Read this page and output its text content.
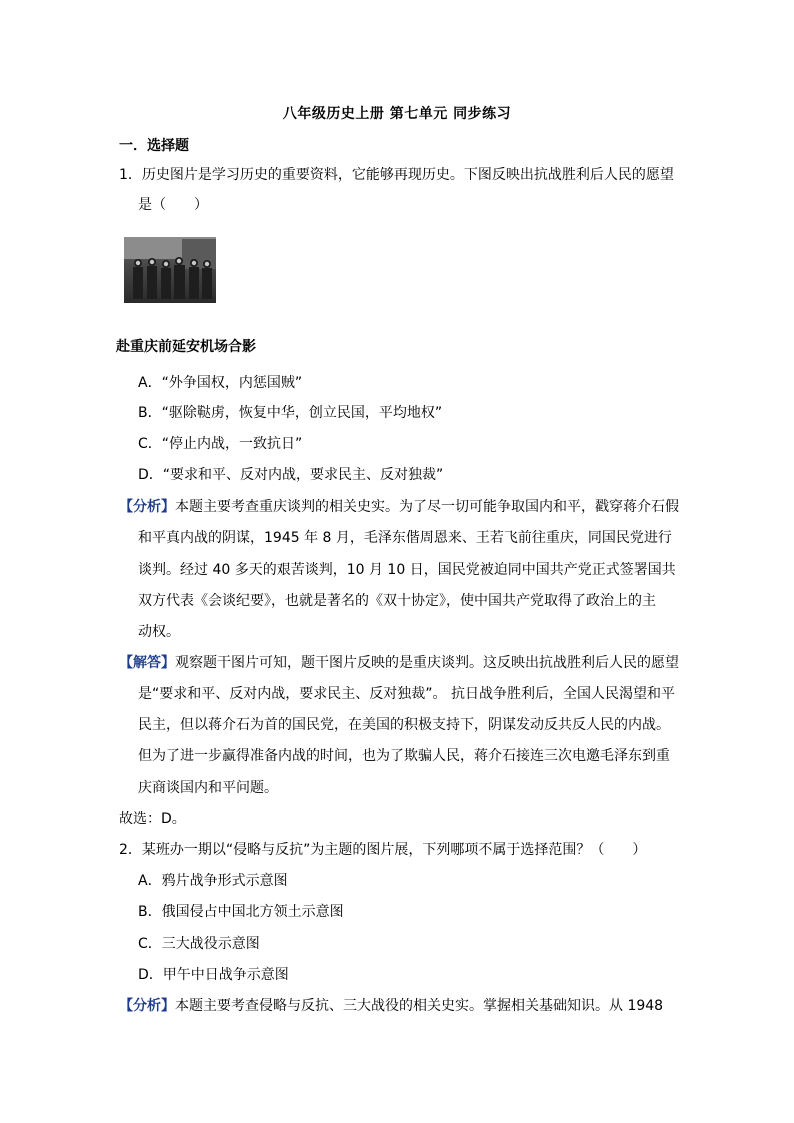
八年级历史上册 第七单元 同步练习
一．选择题
1．历史图片是学习历史的重要资料，它能够再现历史。下图反映出抗战胜利后人民的愿望
是（　　）
赴重庆前延安机场合影
A．“外争国权，内惩国贼”
B．“驱除鞑虏，恢复中华，创立民国，平均地权”
C．“停止内战，一致抗日”
D．“要求和平、反对内战，要求民主、反对独裁”
【分析】本题主要考查重庆谈判的相关史实。为了尽一切可能争取国内和平，戳穿蒋介石假
和平真内战的阴谋，1945 年 8 月，毛泽东偕周恩来、王若飞前往重庆，同国民党进行
谈判。经过 40 多天的艰苦谈判，10 月 10 日，国民党被迫同中国共产党正式签署国共
双方代表《会谈纪要》，也就是著名的《双十协定》，使中国共产党取得了政治上的主
动权。
【解答】观察题干图片可知，题干图片反映的是重庆谈判。这反映出抗战胜利后人民的愿望
是“要求和平、反对内战，要求民主、反对独裁”。 抗日战争胜利后，全国人民渴望和平
民主，但以蒋介石为首的国民党，在美国的积极支持下，阴谋发动反共反人民的内战。
但为了进一步赢得准备内战的时间，也为了欺骗人民，蒋介石接连三次电邀毛泽东到重
庆商谈国内和平问题。
故选：D。
2．某班办一期以“侵略与反抗”为主题的图片展，下列哪项不属于选择范围？（　　）
A．鸦片战争形式示意图
B．俄国侵占中国北方领土示意图
C．三大战役示意图
D．甲午中日战争示意图
【分析】本题主要考查侵略与反抗、三大战役的相关史实。掌握相关基础知识。从 1948
